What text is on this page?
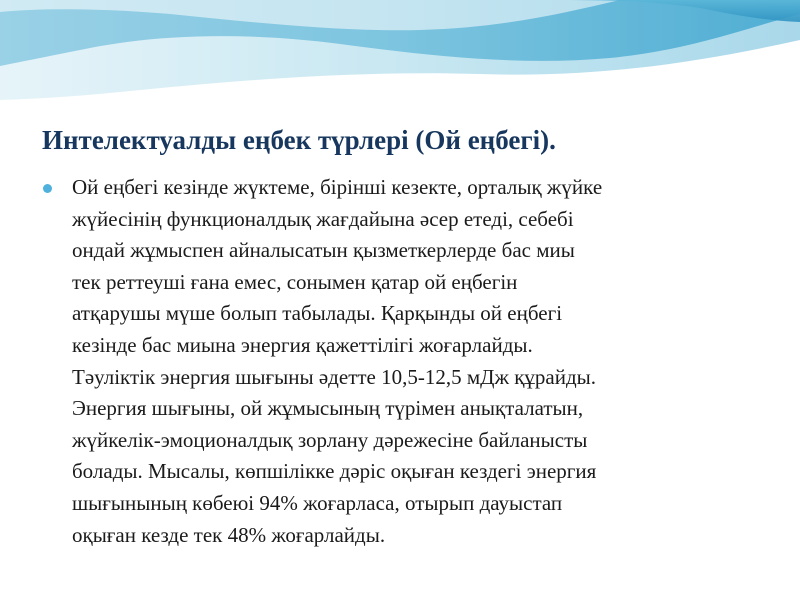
Интелектуалды еңбек түрлері (Ой еңбегі).

Ой еңбегі кезінде жүктеме, бірінші кезекте, орталық жүйке
жүйесінің функционалдық жағдайына әсер етеді, себебі
ондай жұмыспен айналысатын қызметкерлерде бас миы
тек реттеуші ғана емес, сонымен қатар ой еңбегін
атқарушы мүше болып табылады. Қарқынды ой еңбегі
кезінде бас миына энергия қажеттілігі жоғарлайды.
Тәуліктік энергия шығыны әдетте 10,5-12,5 мДж құрайды.
Энергия шығыны, ой жұмысының түрімен анықталатын,
жүйкелік-эмоционалдық зорлану дәрежесіне байланысты
болады. Мысалы, көпшілікке дәріс оқыған кездегі энергия
шығынының көбеюі 94% жоғарласа, отырып дауыстап
оқыған кезде тек 48% жоғарлайды.
